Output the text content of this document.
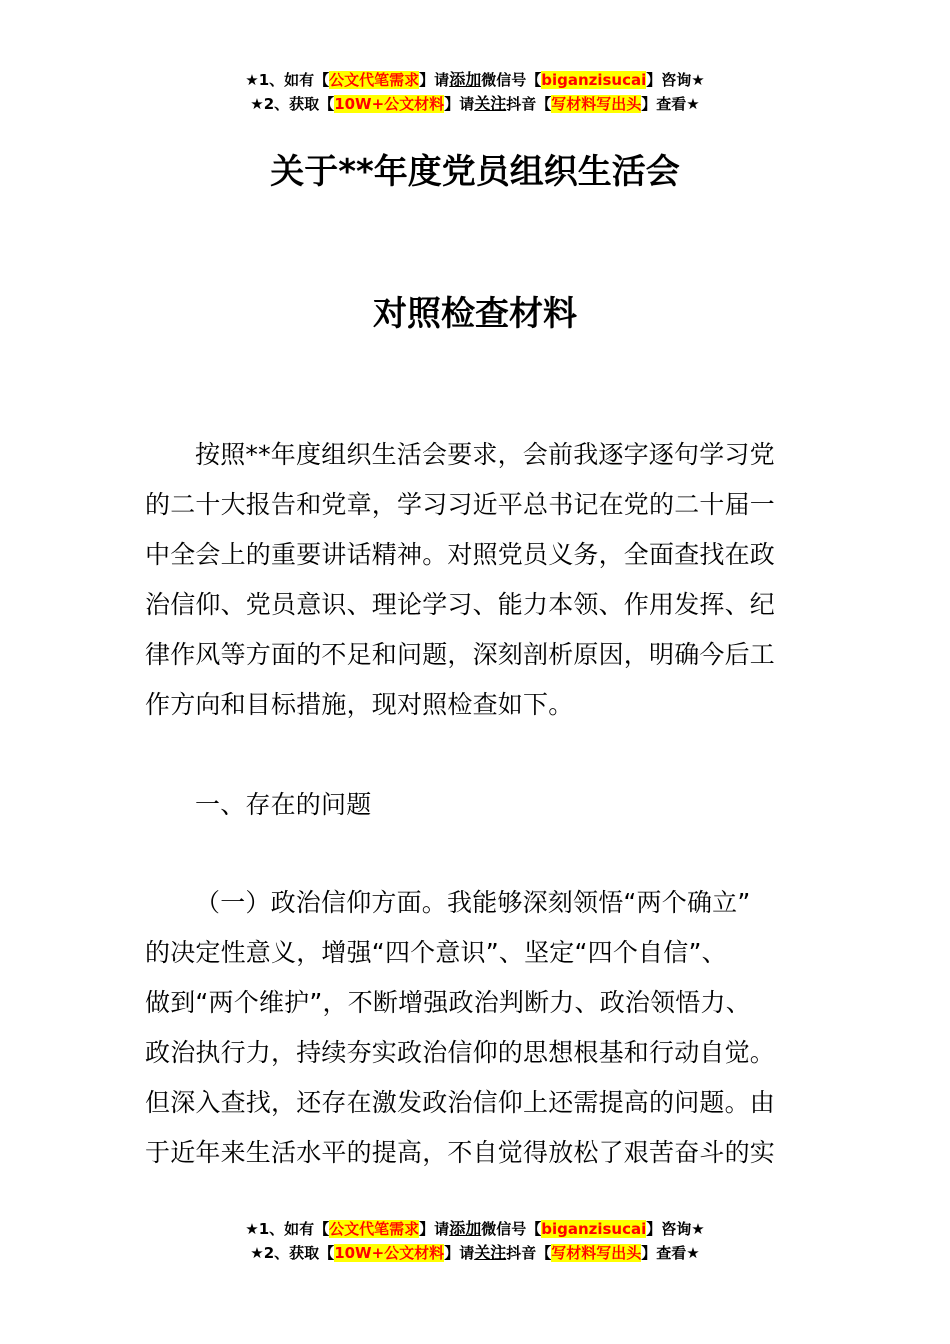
★1、如有【公文代笔需求】请添加微信号【biganzisucai】咨询★
★2、获取【10W+公文材料】请关注抖音【写材料写出头】查看★
关于**年度党员组织生活会
对照检查材料
按照**年度组织生活会要求，会前我逐字逐句学习党
的二十大报告和党章，学习习近平总书记在党的二十届一
中全会上的重要讲话精神。对照党员义务，全面查找在政
治信仰、党员意识、理论学习、能力本领、作用发挥、纪
律作风等方面的不足和问题，深刻剖析原因，明确今后工
作方向和目标措施，现对照检查如下。
一、存在的问题
（一）政治信仰方面。我能够深刻领悟“两个确立”
的决定性意义，增强“四个意识”、坚定“四个自信”、
做到“两个维护”，不断增强政治判断力、政治领悟力、
政治执行力，持续夯实政治信仰的思想根基和行动自觉。
但深入查找，还存在激发政治信仰上还需提高的问题。由
于近年来生活水平的提高，不自觉得放松了艰苦奋斗的实
★1、如有【公文代笔需求】请添加微信号【biganzisucai】咨询★
★2、获取【10W+公文材料】请关注抖音【写材料写出头】查看★
